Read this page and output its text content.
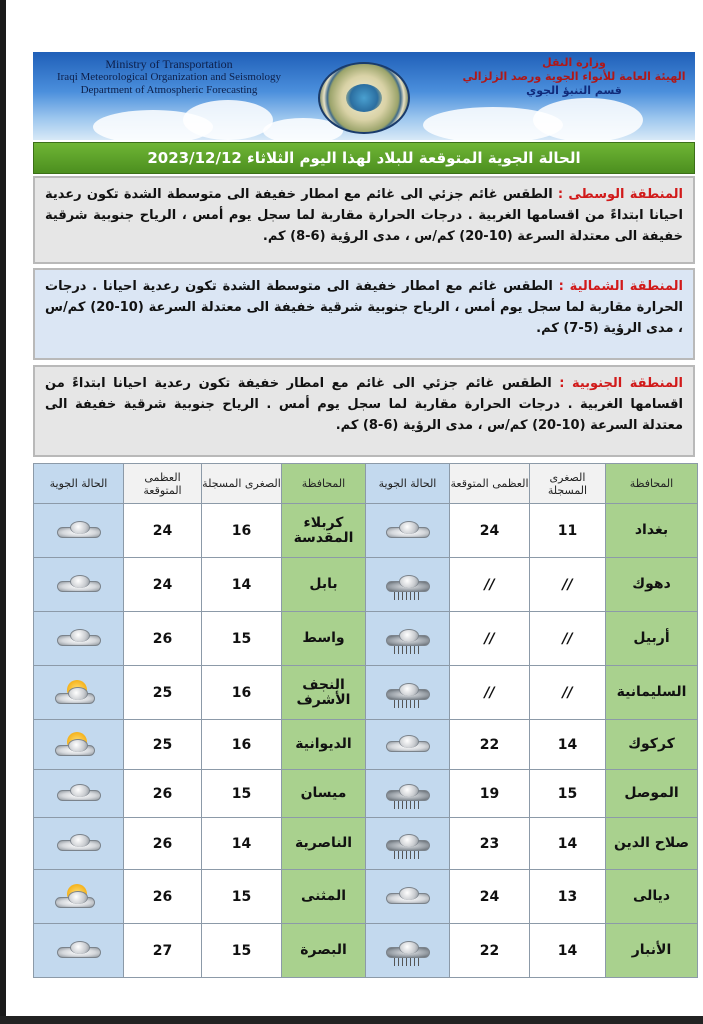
Ministry of Transportation
Iraqi Meteorological Organization and Seismology
Department of Atmospheric Forecasting
وزارة النقل
الهيئة العامة للأنواء الجوية ورصد الزلزالي
قسم التنبؤ الجوي
الحالة الجوية المتوقعة للبلاد لهذا اليوم الثلاثاء 2023/12/12
المنطقة الوسطى : الطقس غائم جزئي الى غائم مع امطار خفيفة الى متوسطة الشدة تكون رعدية احيانا ابتداءً من اقسامها الغربية . درجات الحرارة مقاربة لما سجل يوم أمس ، الرياح جنوبية شرقية خفيفة الى معتدلة السرعة (10-20) كم/س ، مدى الرؤية (6-8) كم.
المنطقة الشمالية : الطقس غائم مع امطار خفيفة الى متوسطة الشدة تكون رعدية احيانا . درجات الحرارة مقاربة لما سجل يوم أمس ، الرياح جنوبية شرقية خفيفة الى معتدلة السرعة (10-20) كم/س ، مدى الرؤية (5-7) كم.
المنطقة الجنوبية : الطقس غائم جزئي الى غائم مع امطار خفيفة تكون رعدية احيانا ابتداءً من اقسامها الغربية . درجات الحرارة مقاربة لما سجل يوم أمس . الرياح جنوبية شرقية خفيفة الى معتدلة السرعة (10-20) كم/س ، مدى الرؤية (6-8) كم.
المحافظة	الصغرى المسجلة	العظمى المتوقعة	الحالة الجوية	المحافظة	الصغرى المسجلة	العظمى المتوقعة	الحالة الجوية
بغداد	11	24		كربلاء المقدسة	16	24	

دهوك	//	//		بابل	14	24	

أربيل	//	//		واسط	15	26	

السليمانية	//	//		النجف الأشرف	16	25	

كركوك	14	22		الديوانية	16	25	

الموصل	15	19		ميسان	15	26	

صلاح الدين	14	23		الناصرية	14	26	

ديالى	13	24		المثنى	15	26	

الأنبار	14	22		البصرة	15	27	
